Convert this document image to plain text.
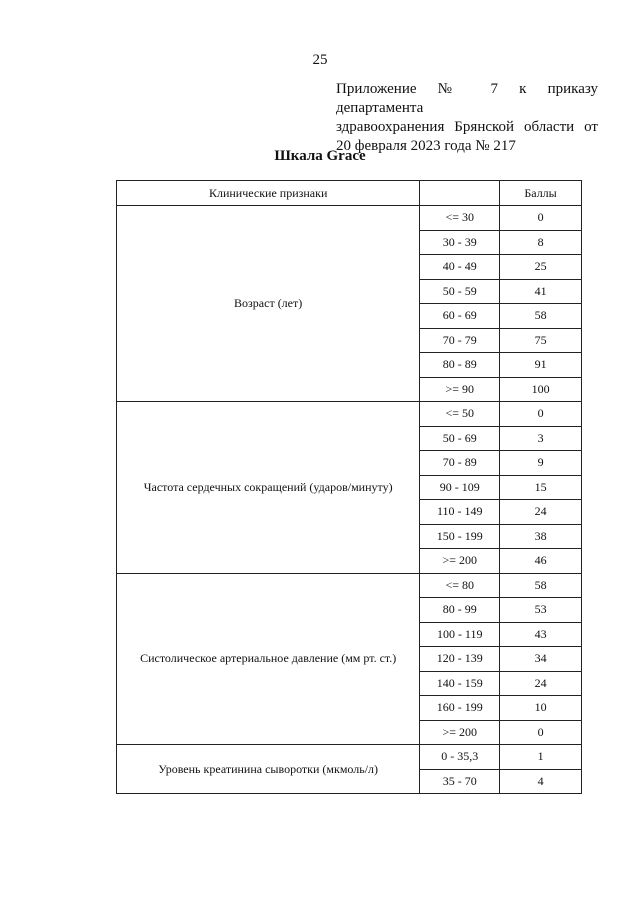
25
Приложение № 7 к приказу департамента
здравоохранения Брянской области от
20 февраля 2023 года № 217
Шкала Grace
Клинические признаки		Баллы
Возраст (лет)	<= 30	0
	30 - 39	8
	40 - 49	25
	50 - 59	41
	60 - 69	58
	70 - 79	75
	80 - 89	91
	>= 90	100
Частота сердечных сокращений (ударов/минуту)	<= 50	0
	50 - 69	3
	70 - 89	9
	90 - 109	15
	110 - 149	24
	150 - 199	38
	>= 200	46
Систолическое артериальное давление (мм рт. ст.)	<= 80	58
	80 - 99	53
	100 - 119	43
	120 - 139	34
	140 - 159	24
	160 - 199	10
	>= 200	0
Уровень креатинина сыворотки (мкмоль/л)	0 - 35,3	1
	35 - 70	4
